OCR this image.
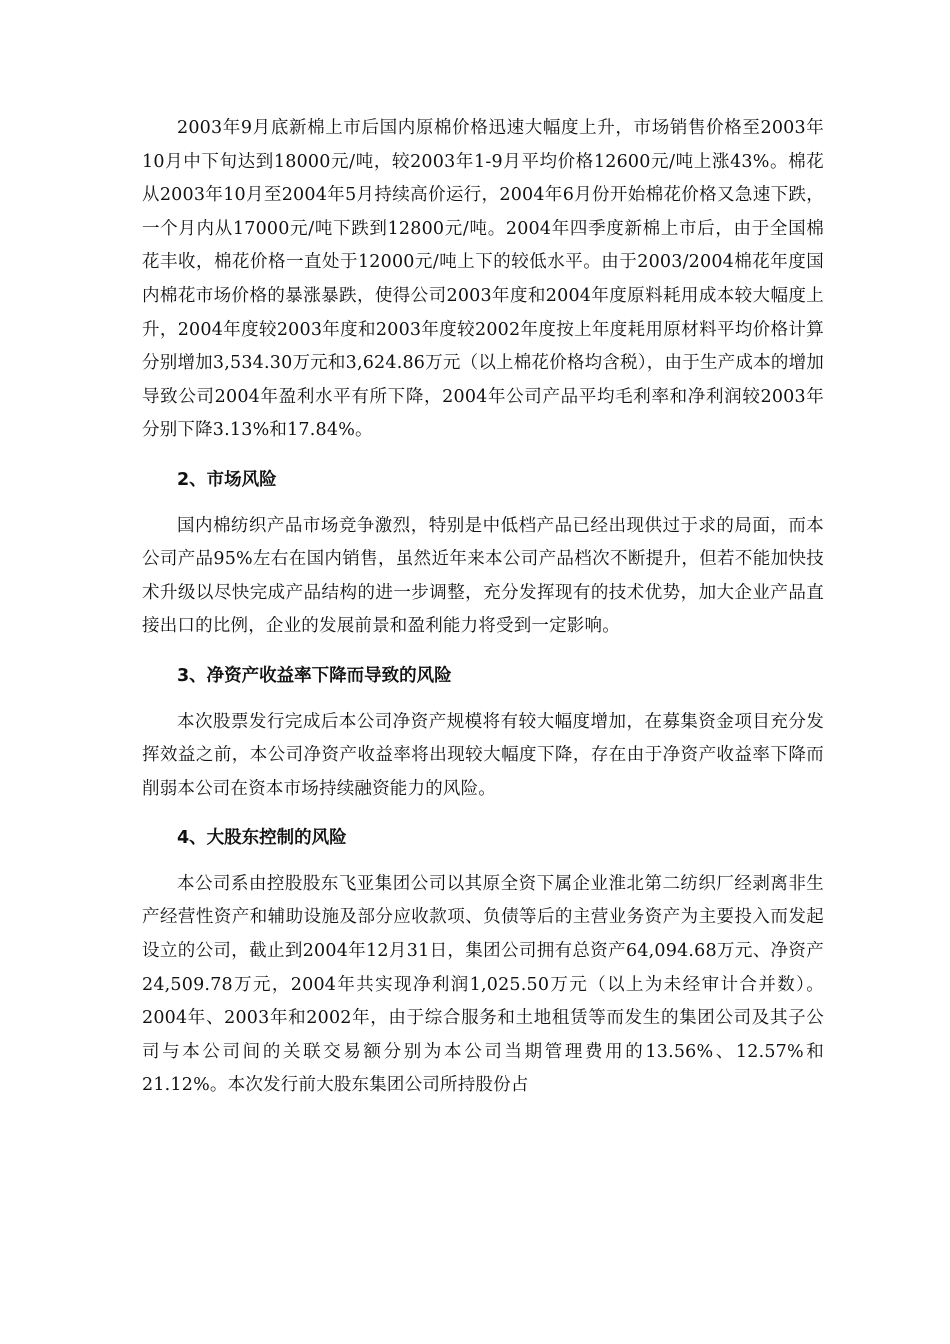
2003年9月底新棉上市后国内原棉价格迅速大幅度上升，市场销售价格至2003年10月中下旬达到18000元/吨，较2003年1-9月平均价格12600元/吨上涨43%。棉花从2003年10月至2004年5月持续高价运行，2004年6月份开始棉花价格又急速下跌，一个月内从17000元/吨下跌到12800元/吨。2004年四季度新棉上市后，由于全国棉花丰收，棉花价格一直处于12000元/吨上下的较低水平。由于2003/2004棉花年度国内棉花市场价格的暴涨暴跌，使得公司2003年度和2004年度原料耗用成本较大幅度上升，2004年度较2003年度和2003年度较2002年度按上年度耗用原材料平均价格计算分别增加3,534.30万元和3,624.86万元（以上棉花价格均含税），由于生产成本的增加导致公司2004年盈利水平有所下降，2004年公司产品平均毛利率和净利润较2003年分别下降3.13%和17.84%。

2、市场风险

国内棉纺织产品市场竞争激烈，特别是中低档产品已经出现供过于求的局面，而本公司产品95%左右在国内销售，虽然近年来本公司产品档次不断提升，但若不能加快技术升级以尽快完成产品结构的进一步调整，充分发挥现有的技术优势，加大企业产品直接出口的比例，企业的发展前景和盈利能力将受到一定影响。

3、净资产收益率下降而导致的风险

本次股票发行完成后本公司净资产规模将有较大幅度增加，在募集资金项目充分发挥效益之前，本公司净资产收益率将出现较大幅度下降，存在由于净资产收益率下降而削弱本公司在资本市场持续融资能力的风险。

4、大股东控制的风险

本公司系由控股股东飞亚集团公司以其原全资下属企业淮北第二纺织厂经剥离非生产经营性资产和辅助设施及部分应收款项、负债等后的主营业务资产为主要投入而发起设立的公司，截止到2004年12月31日，集团公司拥有总资产64,094.68万元、净资产24,509.78万元，2004年共实现净利润1,025.50万元（以上为未经审计合并数）。2004年、2003年和2002年，由于综合服务和土地租赁等而发生的集团公司及其子公司与本公司间的关联交易额分别为本公司当期管理费用的13.56%、12.57%和21.12%。本次发行前大股东集团公司所持股份占
